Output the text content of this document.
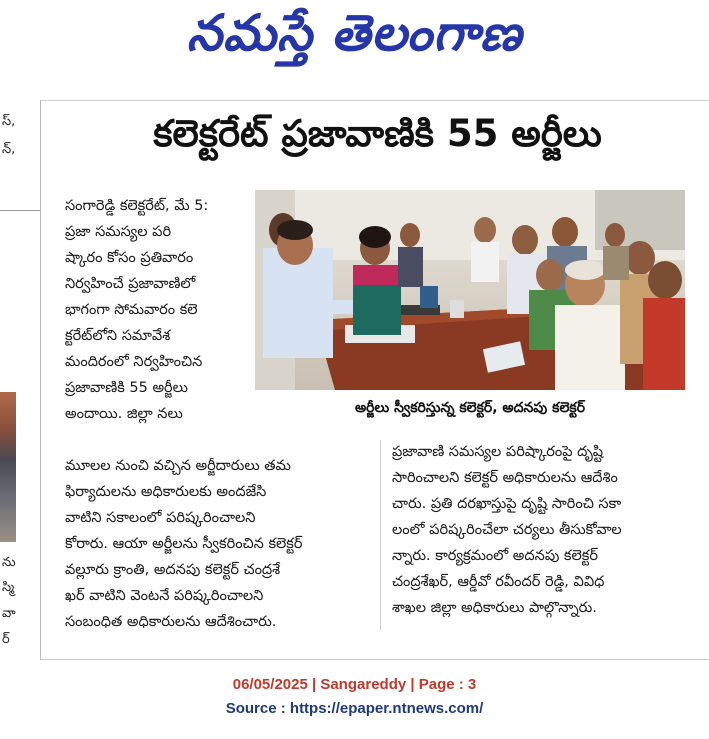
నమస్తే తెలంగాణ
స్,
న్,
ను
స్మి
వా
ర్
కలెక్టరేట్ ప్రజావాణికి 55 అర్జీలు
అర్జీలు స్వీకరిస్తున్న కలెక్టర్, అదనపు కలెక్టర్
సంగారెడ్డి కలెక్టరేట్, మే 5:
ప్రజా సమస్యల పరి
ష్కారం కోసం ప్రతివారం
నిర్వహించే ప్రజావాణిలో
భాగంగా సోమవారం కలె
క్టరేట్‌లోని సమావేశ
మందిరంలో నిర్వహించిన
ప్రజావాణికి 55 అర్జీలు
అందాయి. జిల్లా నలు
మూలల నుంచి వచ్చిన అర్జీదారులు తమ
ఫిర్యాదులను అధికారులకు అందజేసి
వాటిని సకాలంలో పరిష్కరించాలని
కోరారు. ఆయా అర్జీలను స్వీకరించిన కలెక్టర్
వల్లూరు క్రాంతి, అదనపు కలెక్టర్ చంద్రశే
ఖర్ వాటిని వెంటనే పరిష్కరించాలని
సంబంధిత అధికారులను ఆదేశించారు.
ప్రజావాణి సమస్యల పరిష్కారంపై దృష్టి
సారించాలని కలెక్టర్ అధికారులను ఆదేశిం
చారు. ప్రతి దరఖాస్తుపై దృష్టి సారించి సకా
లంలో పరిష్కరించేలా చర్యలు తీసుకోవాల
న్నారు. కార్యక్రమంలో అదనపు కలెక్టర్
చంద్రశేఖర్, ఆర్డీవో రవీందర్ రెడ్డి, వివిధ
శాఖల జిల్లా అధికారులు పాల్గొన్నారు.
06/05/2025 | Sangareddy | Page : 3
Source : https://epaper.ntnews.com/
